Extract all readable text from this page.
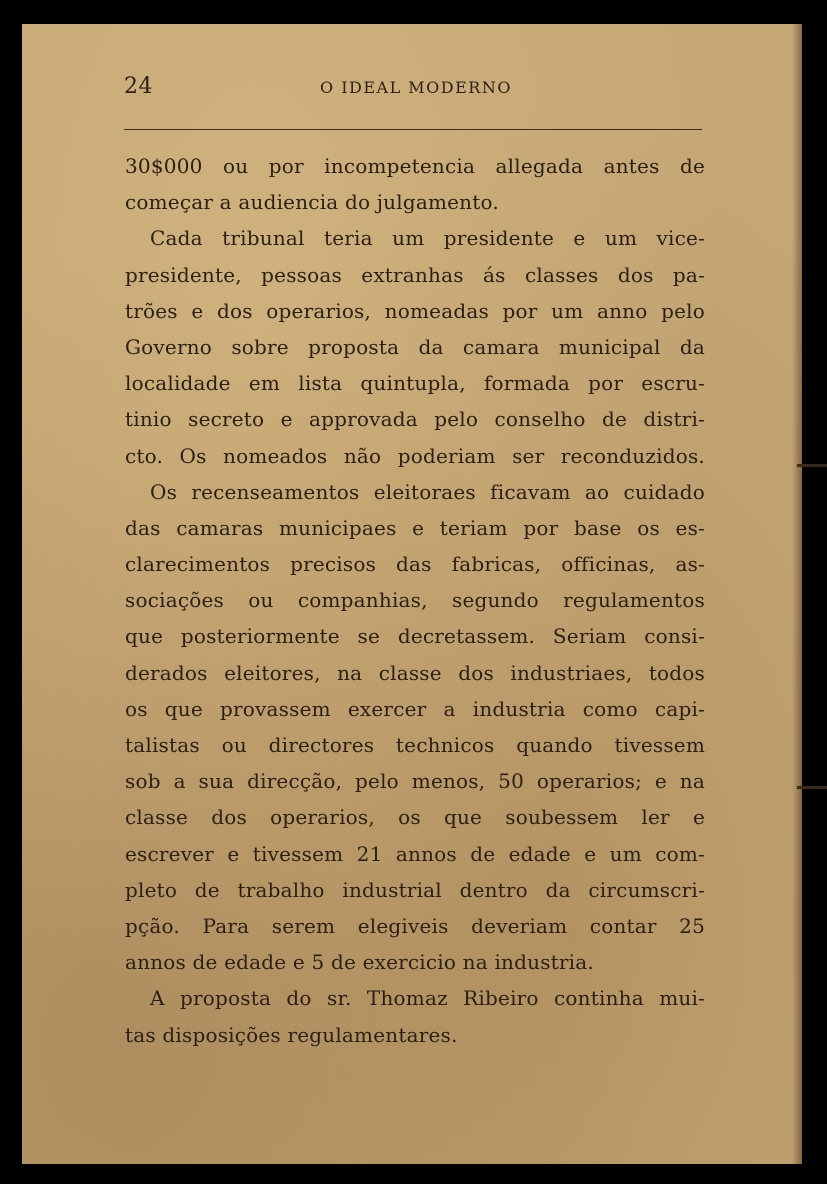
24	O IDEAL MODERNO
30$000 ou por incompetencia allegada antes de
começar a audiencia do julgamento.
Cada tribunal teria um presidente e um vice-
presidente, pessoas extranhas ás classes dos pa-
trões e dos operarios, nomeadas por um anno pelo
Governo sobre proposta da camara municipal da
localidade em lista quintupla, formada por escru-
tinio secreto e approvada pelo conselho de distri-
cto. Os nomeados não poderiam ser reconduzidos.
Os recenseamentos eleitoraes ficavam ao cuidado
das camaras municipaes e teriam por base os es-
clarecimentos precisos das fabricas, officinas, as-
sociações ou companhias, segundo regulamentos
que posteriormente se decretassem. Seriam consi-
derados eleitores, na classe dos industriaes, todos
os que provassem exercer a industria como capi-
talistas ou directores technicos quando tivessem
sob a sua direcção, pelo menos, 50 operarios; e na
classe dos operarios, os que soubessem ler e
escrever e tivessem 21 annos de edade e um com-
pleto de trabalho industrial dentro da circumscri-
pção. Para serem elegiveis deveriam contar 25
annos de edade e 5 de exercicio na industria.
A proposta do sr. Thomaz Ribeiro continha mui-
tas disposições regulamentares.
